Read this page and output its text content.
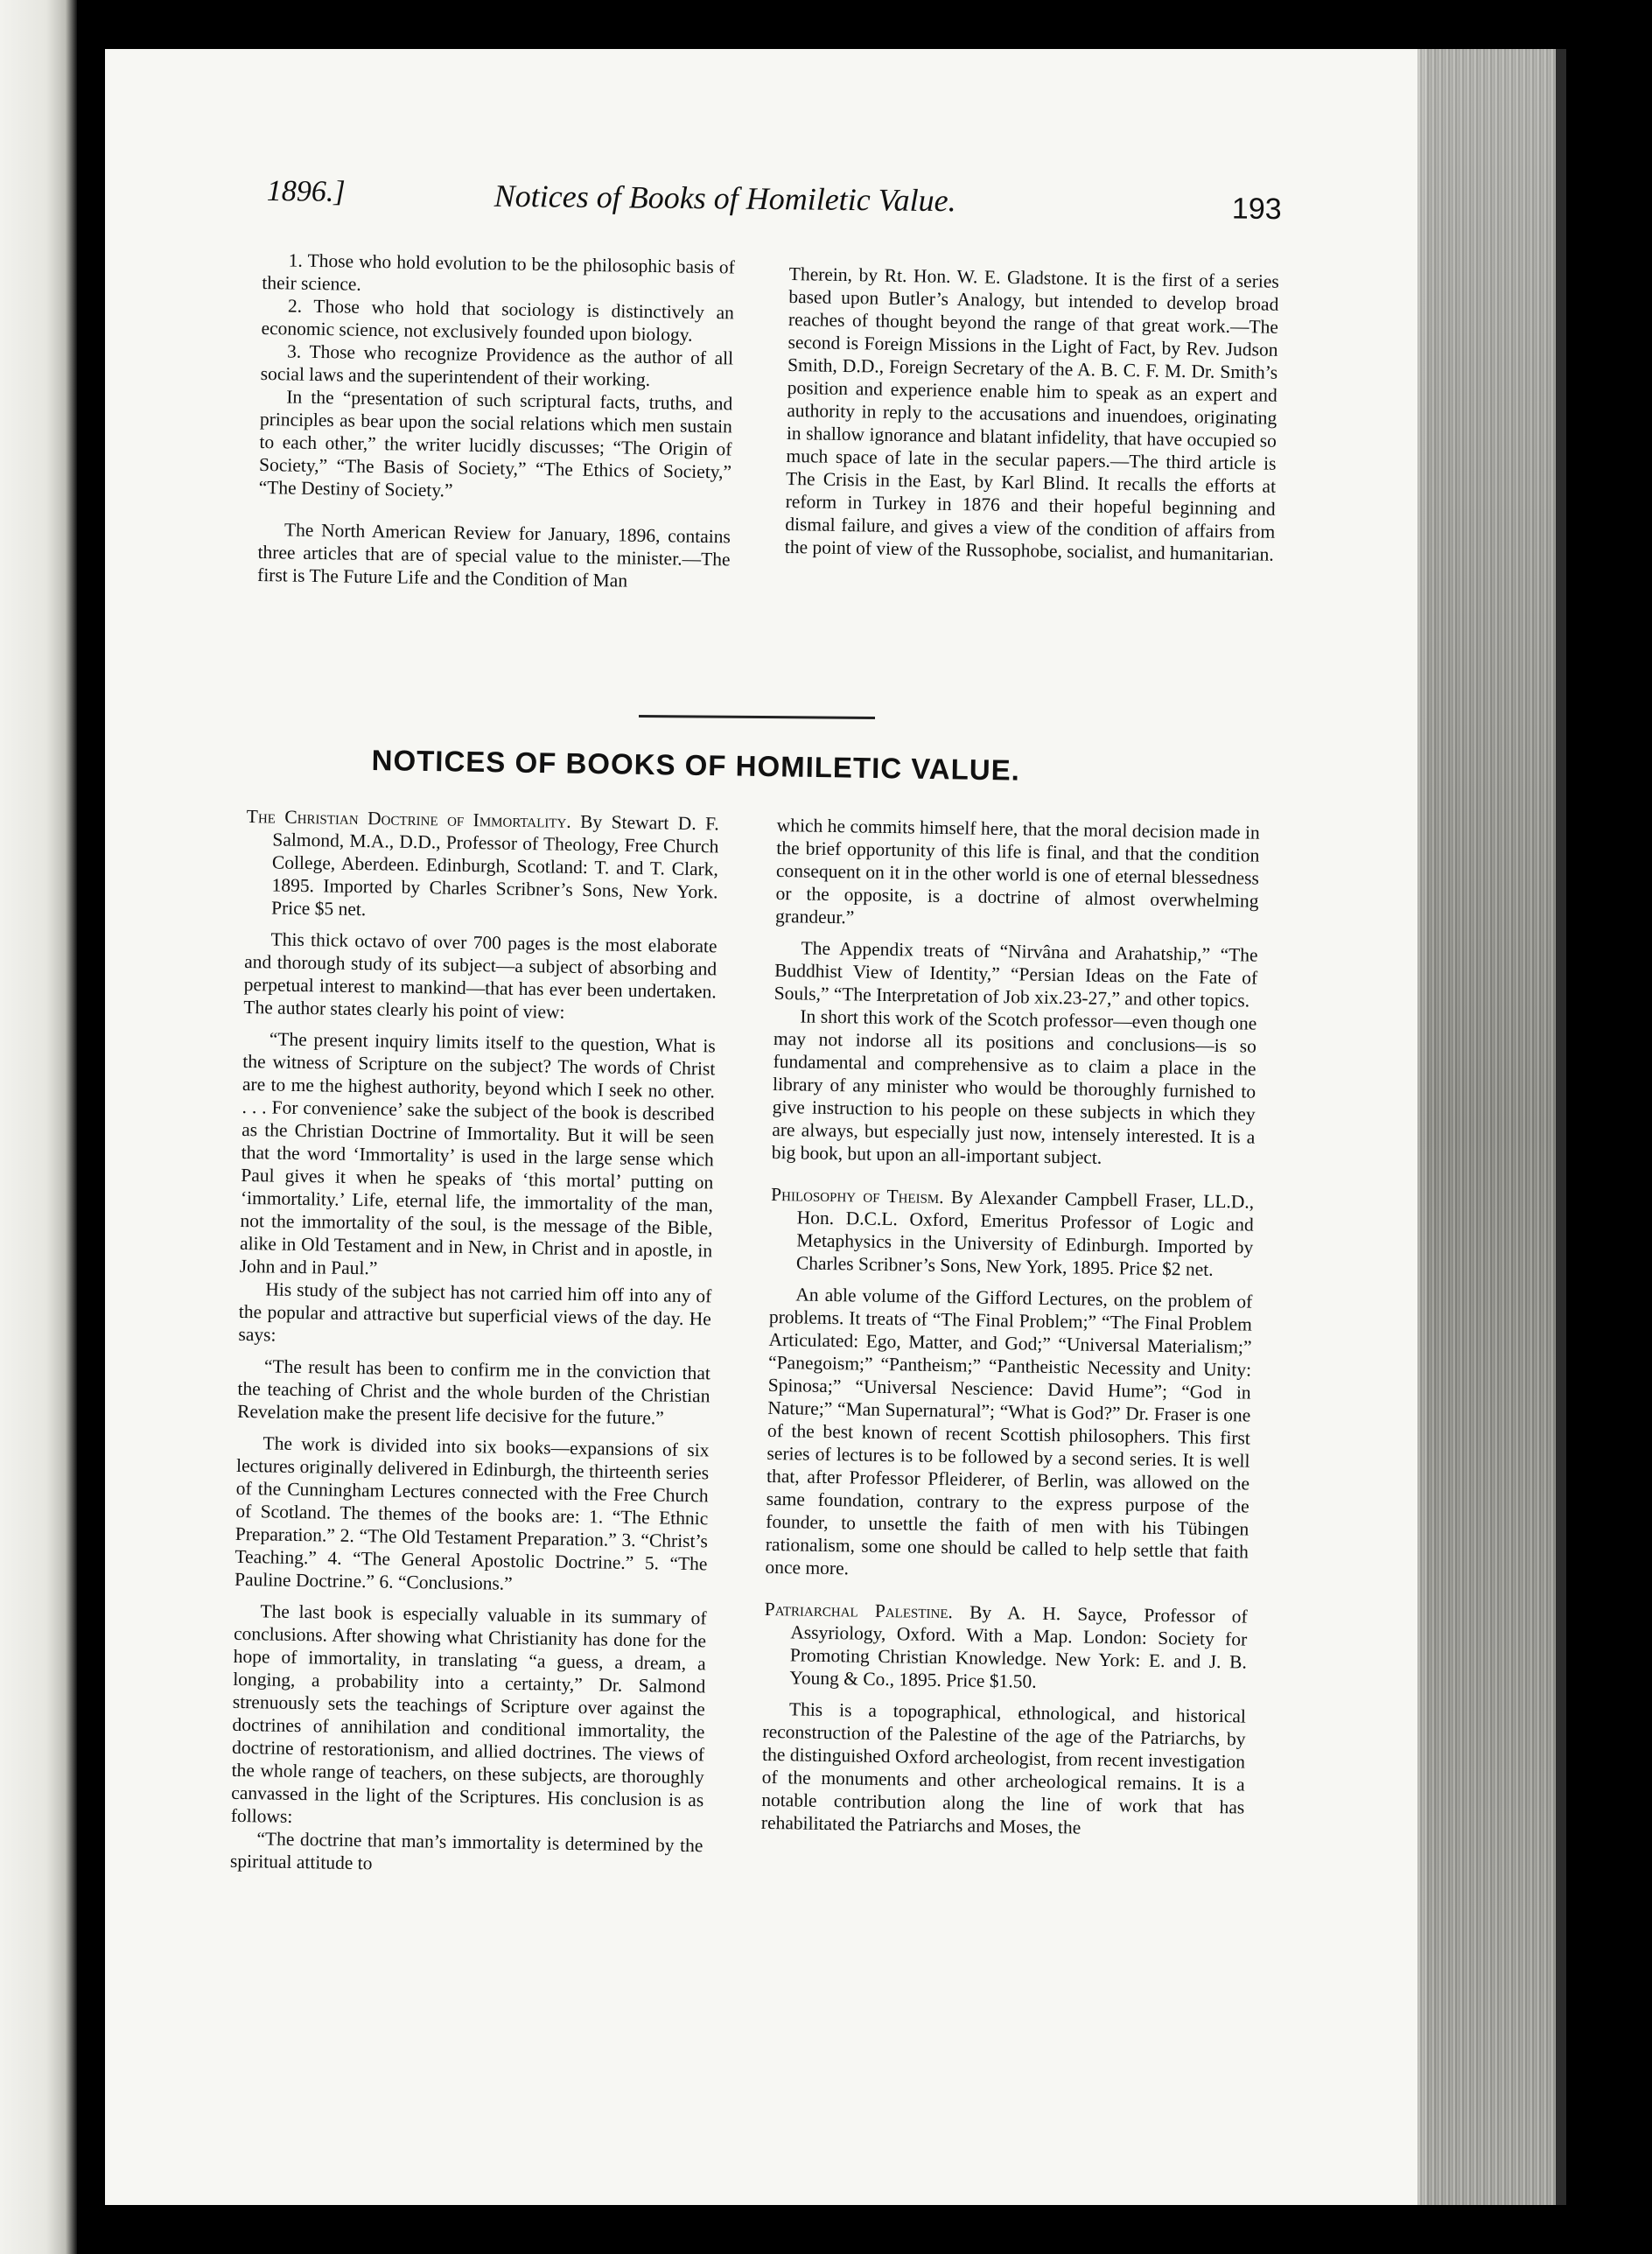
1896.]	Notices of Books of Homiletic Value.	193

1. Those who hold evolution to be the philosophic basis of their science.

2. Those who hold that sociology is distinctively an economic science, not exclusively founded upon biology.

3. Those who recognize Providence as the author of all social laws and the superintendent of their working.

In the “presentation of such scriptural facts, truths, and principles as bear upon the social relations which men sustain to each other,” the writer lucidly discusses; “The Origin of Society,” “The Basis of Society,” “The Ethics of Society,” “The Destiny of Society.”

The North American Review for January, 1896, contains three articles that are of special value to the minister.—The first is The Future Life and the Condition of Man

Therein, by Rt. Hon. W. E. Gladstone. It is the first of a series based upon Butler’s Analogy, but intended to develop broad reaches of thought beyond the range of that great work.—The second is Foreign Missions in the Light of Fact, by Rev. Judson Smith, D.D., Foreign Secretary of the A. B. C. F. M. Dr. Smith’s position and experience enable him to speak as an expert and authority in reply to the accusations and inuendoes, originating in shallow ignorance and blatant infidelity, that have occupied so much space of late in the secular papers.—The third article is The Crisis in the East, by Karl Blind. It recalls the efforts at reform in Turkey in 1876 and their hopeful beginning and dismal failure, and gives a view of the condition of affairs from the point of view of the Russophobe, socialist, and humanitarian.

NOTICES OF BOOKS OF HOMILETIC VALUE.

The Christian Doctrine of Immortality. By Stewart D. F. Salmond, M.A., D.D., Professor of Theology, Free Church College, Aberdeen. Edinburgh, Scotland: T. and T. Clark, 1895. Imported by Charles Scribner’s Sons, New York. Price $5 net.

This thick octavo of over 700 pages is the most elaborate and thorough study of its subject—a subject of absorbing and perpetual interest to mankind—that has ever been undertaken. The author states clearly his point of view:

“The present inquiry limits itself to the question, What is the witness of Scripture on the subject? The words of Christ are to me the highest authority, beyond which I seek no other. . . . For convenience’ sake the subject of the book is described as the Christian Doctrine of Immortality. But it will be seen that the word ‘Immortality’ is used in the large sense which Paul gives it when he speaks of ‘this mortal’ putting on ‘immortality.’ Life, eternal life, the immortality of the man, not the immortality of the soul, is the message of the Bible, alike in Old Testament and in New, in Christ and in apostle, in John and in Paul.”

His study of the subject has not carried him off into any of the popular and attractive but superficial views of the day. He says:

“The result has been to confirm me in the conviction that the teaching of Christ and the whole burden of the Christian Revelation make the present life decisive for the future.”

The work is divided into six books—expansions of six lectures originally delivered in Edinburgh, the thirteenth series of the Cunningham Lectures connected with the Free Church of Scotland. The themes of the books are: 1. “The Ethnic Preparation.” 2. “The Old Testament Preparation.” 3. “Christ’s Teaching.” 4. “The General Apostolic Doctrine.” 5. “The Pauline Doctrine.” 6. “Conclusions.”

The last book is especially valuable in its summary of conclusions. After showing what Christianity has done for the hope of immortality, in translating “a guess, a dream, a longing, a probability into a certainty,” Dr. Salmond strenuously sets the teachings of Scripture over against the doctrines of annihilation and conditional immortality, the doctrine of restorationism, and allied doctrines. The views of the whole range of teachers, on these subjects, are thoroughly canvassed in the light of the Scriptures. His conclusion is as follows:

“The doctrine that man’s immortality is determined by the spiritual attitude to

which he commits himself here, that the moral decision made in the brief opportunity of this life is final, and that the condition consequent on it in the other world is one of eternal blessedness or the opposite, is a doctrine of almost overwhelming grandeur.”

The Appendix treats of “Nirvâna and Arahatship,” “The Buddhist View of Identity,” “Persian Ideas on the Fate of Souls,” “The Interpretation of Job xix.23-27,” and other topics.

In short this work of the Scotch professor—even though one may not indorse all its positions and conclusions—is so fundamental and comprehensive as to claim a place in the library of any minister who would be thoroughly furnished to give instruction to his people on these subjects in which they are always, but especially just now, intensely interested. It is a big book, but upon an all-important subject.

Philosophy of Theism. By Alexander Campbell Fraser, LL.D., Hon. D.C.L. Oxford, Emeritus Professor of Logic and Metaphysics in the University of Edinburgh. Imported by Charles Scribner’s Sons, New York, 1895. Price $2 net.

An able volume of the Gifford Lectures, on the problem of problems. It treats of “The Final Problem;” “The Final Problem Articulated: Ego, Matter, and God;” “Universal Materialism;” “Panegoism;” “Pantheism;” “Pantheistic Necessity and Unity: Spinosa;” “Universal Nescience: David Hume”; “God in Nature;” “Man Supernatural”; “What is God?” Dr. Fraser is one of the best known of recent Scottish philosophers. This first series of lectures is to be followed by a second series. It is well that, after Professor Pfleiderer, of Berlin, was allowed on the same foundation, contrary to the express purpose of the founder, to unsettle the faith of men with his Tübingen rationalism, some one should be called to help settle that faith once more.

Patriarchal Palestine. By A. H. Sayce, Professor of Assyriology, Oxford. With a Map. London: Society for Promoting Christian Knowledge. New York: E. and J. B. Young & Co., 1895. Price $1.50.

This is a topographical, ethnological, and historical reconstruction of the Palestine of the age of the Patriarchs, by the distinguished Oxford archeologist, from recent investigation of the monuments and other archeological remains. It is a notable contribution along the line of work that has rehabilitated the Patriarchs and Moses, the
